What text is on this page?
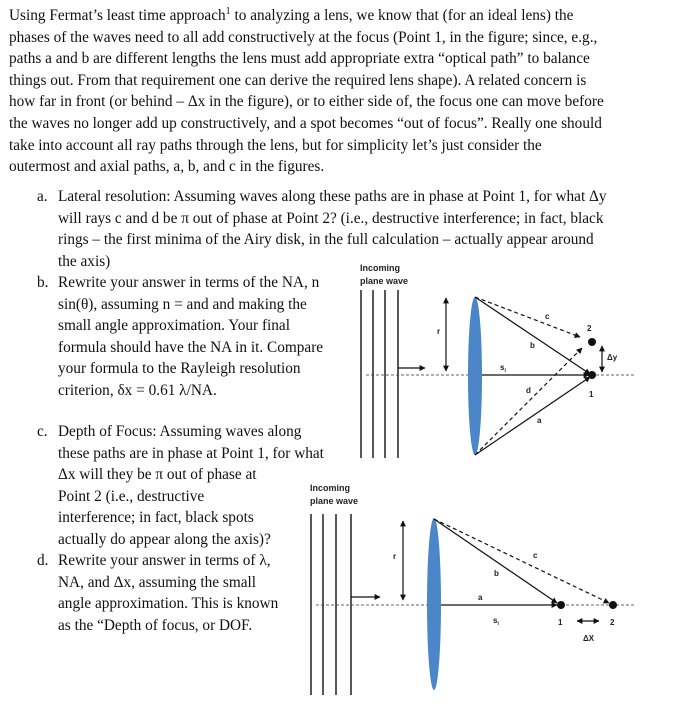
Using Fermat’s least time approach$^1$ to analyzing a lens, we know that (for an ideal lens) the
phases of the waves need to all add constructively at the focus (Point 1, in the figure; since, e.g.,
paths a and b are different lengths the lens must add appropriate extra “optical path” to balance
things out. From that requirement one can derive the required lens shape). A related concern is
how far in front (or behind – Δx in the figure), or to either side of, the focus one can move before
the waves no longer add up constructively, and a spot becomes “out of focus”. Really one should
take into account all ray paths through the lens, but for simplicity let’s just consider the
outermost and axial paths, a, b, and c in the figures.
a. Lateral resolution: Assuming waves along these paths are in phase at Point 1, for what Δy
will rays c and d be π out of phase at Point 2? (i.e., destructive interference; in fact, black
rings – the first minima of the Airy disk, in the full calculation – actually appear around
the axis)
b. Rewrite your answer in terms of the NA, n
sin(θ), assuming n = and and making the
small angle approximation. Your final
formula should have the NA in it. Compare
your formula to the Rayleigh resolution
criterion, δx = 0.61 λ/NA.
c. Depth of Focus: Assuming waves along
these paths are in phase at Point 1, for what
Δx will they be π out of phase at
Point 2 (i.e., destructive
interference; in fact, black spots
actually do appear along the axis)?
d. Rewrite your answer in terms of λ,
NA, and Δx, assuming the small
angle approximation. This is known
as the “Depth of focus, or DOF.
Incoming
plane wave
r
c
b
$s_i$
d
a
1
2
Δy
Incoming
plane wave
r	c
b
a
$s_i$	1	2
ΔX
